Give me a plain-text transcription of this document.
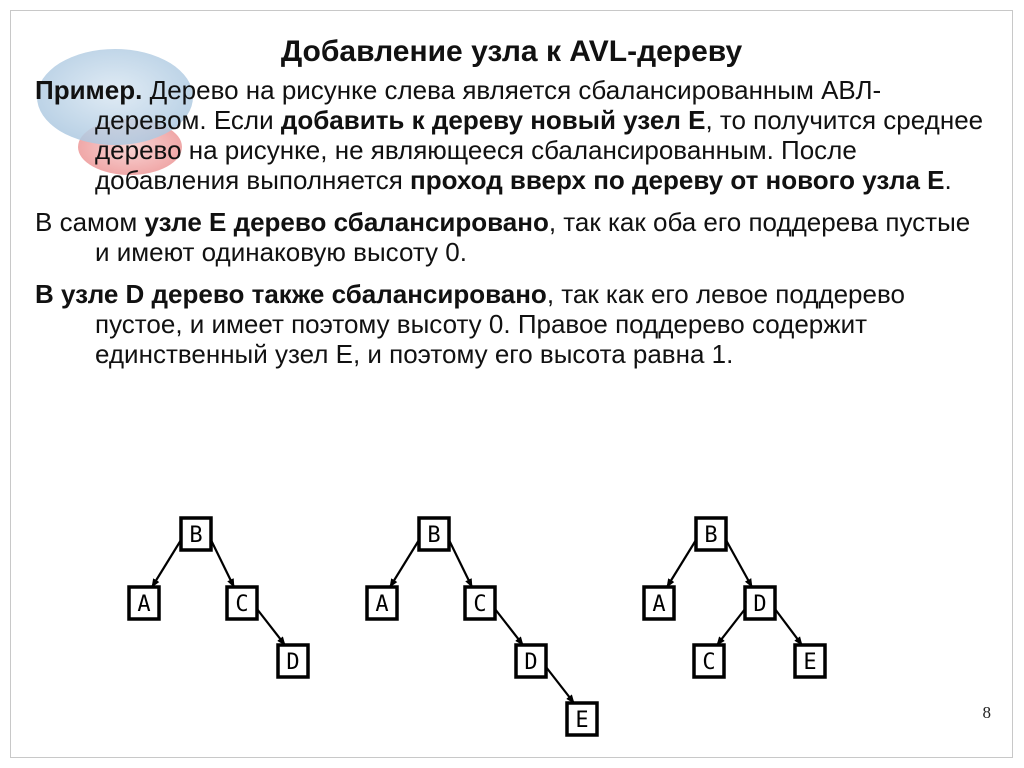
Добавление узла к AVL-дереву

Пример. Дерево на рисунке слева является сбалансированным АВЛ-деревом. Если добавить к дереву новый узел E, то получится среднее дерево на рисунке, не являющееся сбалансированным. После добавления выполняется проход вверх по дереву от нового узла E.

В самом узле E дерево сбалансировано, так как оба его поддерева пустые и имеют одинаковую высоту 0.

В узле D дерево также сбалансировано, так как его левое поддерево пустое, и имеет поэтому высоту 0. Правое поддерево содержит единственный узел E, и поэтому его высота равна 1.

B
A	C
D
B
A	C
D
E
B
A	D
C	E
8
